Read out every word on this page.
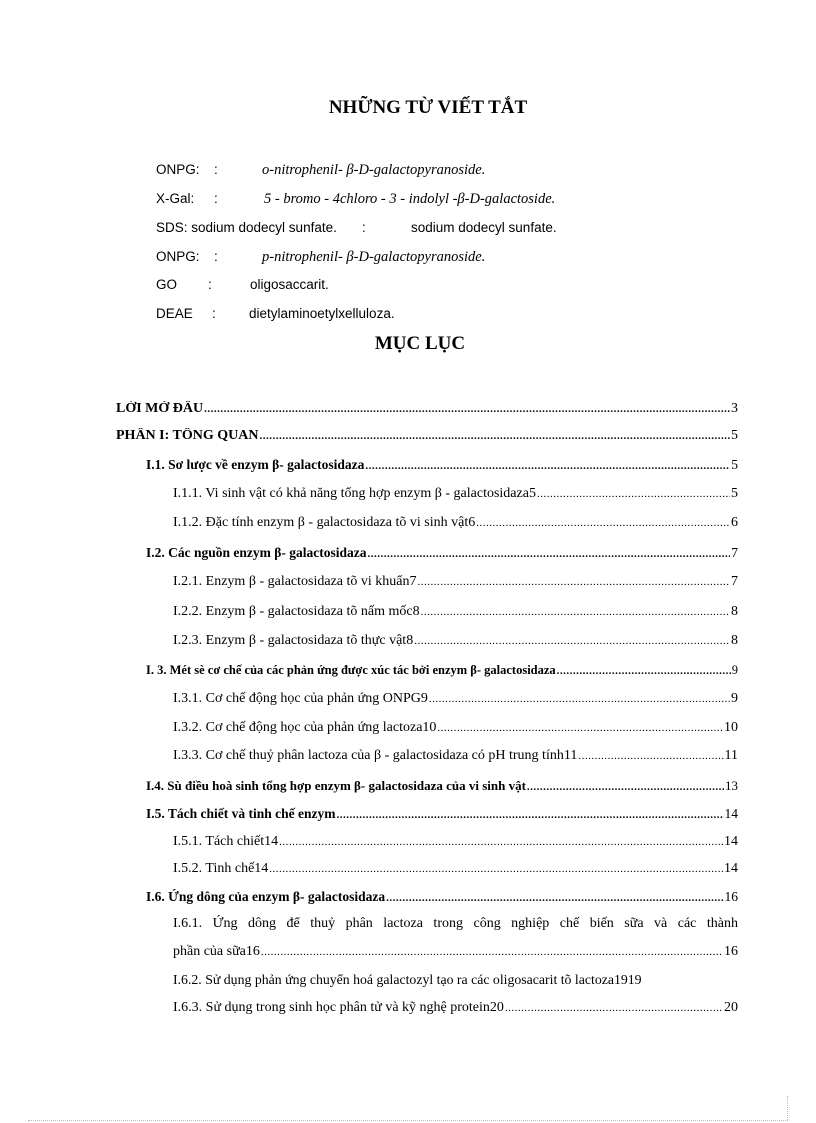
NHỮNG TỪ VIẾT TẮT
ONPG: :	o-nitrophenil- β-D-galactopyranoside.
X-Gal: :	5 - bromo - 4chloro - 3 - indolyl -β-D-galactoside.
SDS: sodium dodecyl sunfate. :	sodium dodecyl sunfate.
ONPG: :	p-nitrophenil- β-D-galactopyranoside.
GO :	oligosaccarit.
DEAE : dietylaminoetylxelluloza.
MỤC LỤC
LỜI MỞ ĐẦU .....	3
PHẦN I: TỔNG QUAN .....	5
I.1. Sơ lược về enzym β- galactosidaza .....	5
I.1.1. Vi sinh vật có khả năng tổng hợp enzym β - galactosidaza5 .....	5
I.1.2. Đặc tính enzym β - galactosidaza tõ vi sinh vật6 .....	6
I.2. Các nguồn enzym β- galactosidaza .....	7
I.2.1. Enzym β - galactosidaza tõ vi khuẩn7 .....	7
I.2.2. Enzym β - galactosidaza tõ nấm mốc8 .....	8
I.2.3. Enzym β - galactosidaza tõ thực vật8 .....	8
I. 3. Mét sè cơ chế của các phản ứng được xúc tác bởi enzym β- galactosidaza .....	9
I.3.1. Cơ chế động học của phản ứng ONPG9 .....	9
I.3.2. Cơ chế động học của phản ứng lactoza10 .....	10
I.3.3. Cơ chế thuỷ phân lactoza của β - galactosidaza có pH trung tính11 .....	11
I.4. Sù điều hoà sinh tổng hợp enzym β- galactosidaza của vi sinh vật .....	13
I.5. Tách chiết và tinh chế enzym .....	14
I.5.1. Tách chiết14 .....	14
I.5.2. Tinh chế14 .....	14
I.6. Ứng dông của enzym β- galactosidaza .....	16
I.6.1. Ứng dông để thuỷ phân lactoza trong công nghiệp chế biến sữa và các thành
phần của sữa16 .....	16
I.6.2. Sử dụng phản ứng chuyển hoá galactozyl tạo ra các oligosacarit tõ lactoza1919
I.6.3. Sử dụng trong sinh học phân tử và kỹ nghệ protein20 .....	20
